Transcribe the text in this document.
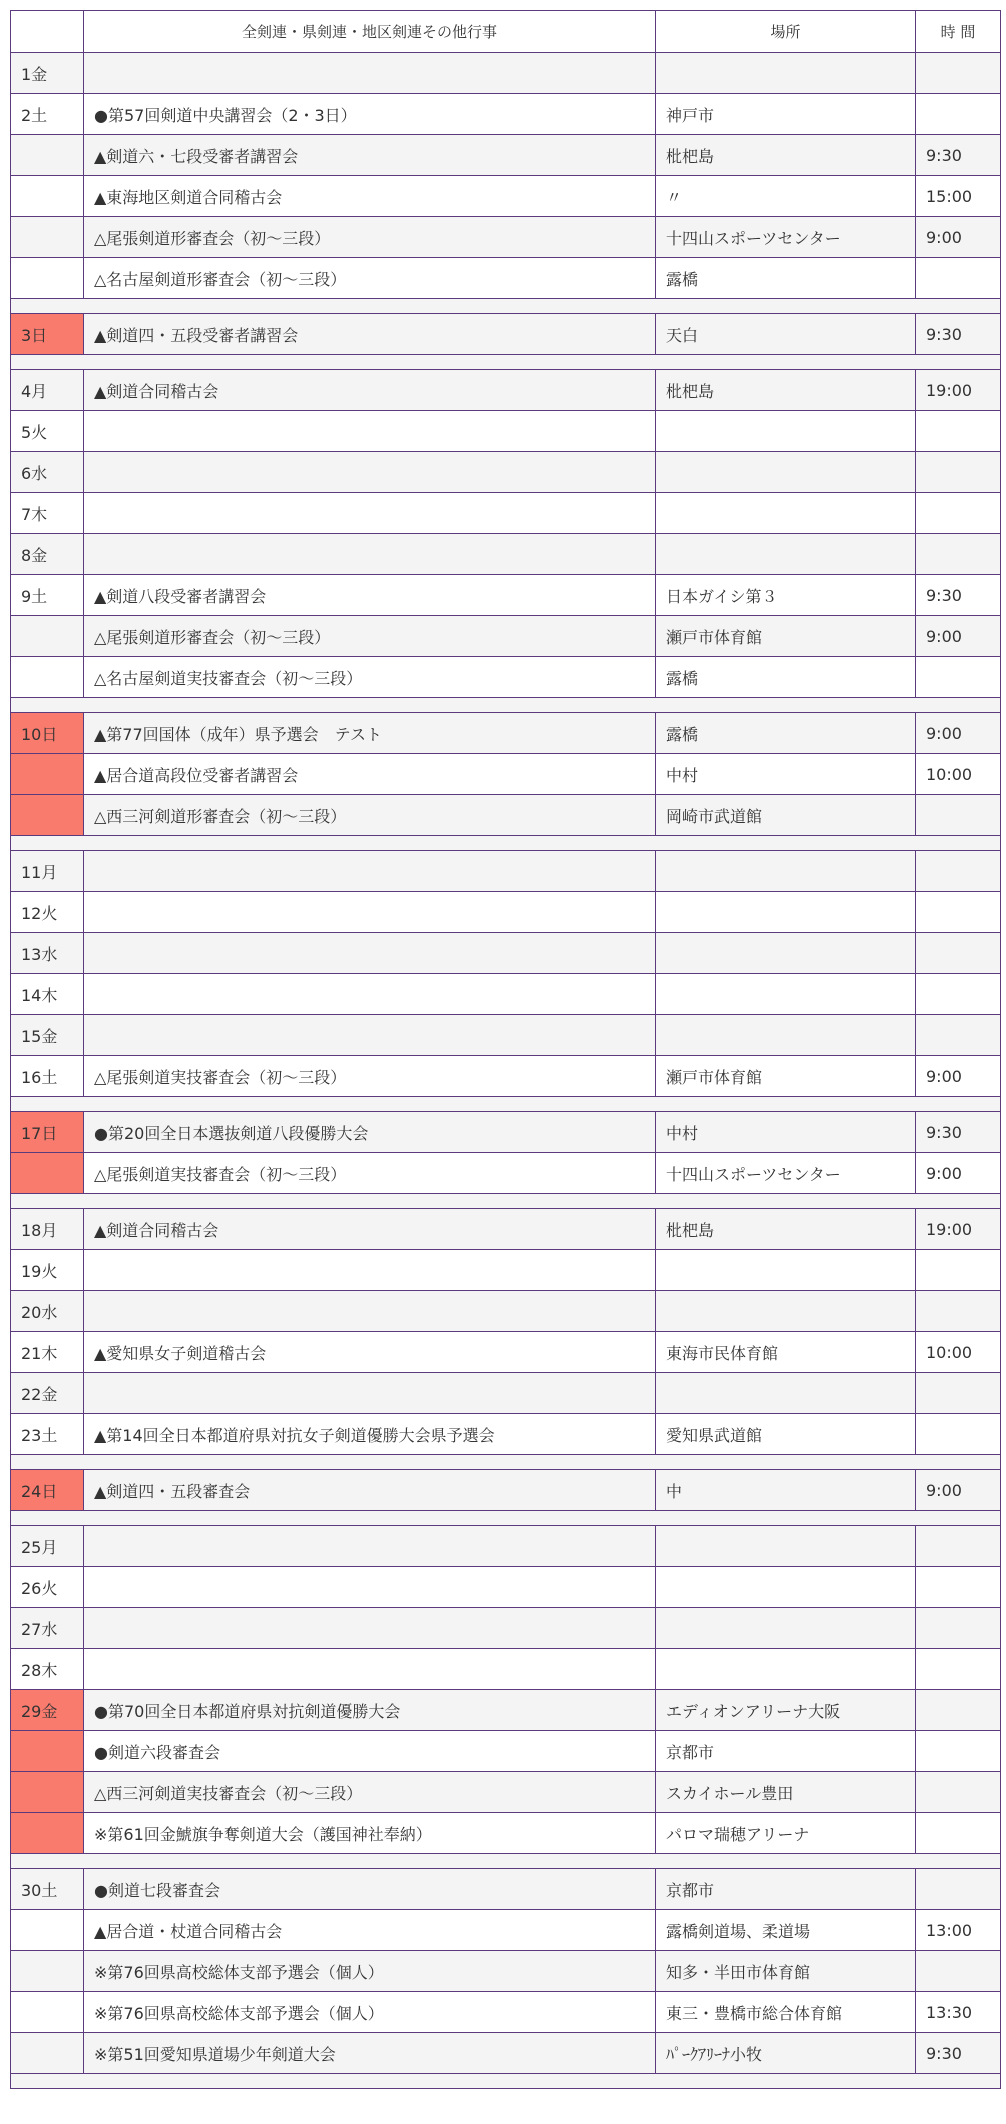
	全剣連・県剣連・地区剣連その他行事	場所	時 間
1金			
2土	●第57回剣道中央講習会（2・3日）	神戸市	
	▲剣道六・七段受審者講習会	枇杷島	9:30
	▲東海地区剣道合同稽古会	〃	15:00
	△尾張剣道形審査会（初〜三段）	十四山スポーツセンター	9:00
	△名古屋剣道形審査会（初〜三段）	露橋	

3日	▲剣道四・五段受審者講習会	天白	9:30

4月	▲剣道合同稽古会	枇杷島	19:00
5火			
6水			
7木			
8金			
9土	▲剣道八段受審者講習会	日本ガイシ第３	9:30
	△尾張剣道形審査会（初〜三段）	瀬戸市体育館	9:00
	△名古屋剣道実技審査会（初〜三段）	露橋	

10日	▲第77回国体（成年）県予選会　テスト	露橋	9:00
	▲居合道高段位受審者講習会	中村	10:00
	△西三河剣道形審査会（初〜三段）	岡崎市武道館	

11月			
12火			
13水			
14木			
15金			
16土	△尾張剣道実技審査会（初〜三段）	瀬戸市体育館	9:00

17日	●第20回全日本選抜剣道八段優勝大会	中村	9:30
	△尾張剣道実技審査会（初〜三段）	十四山スポーツセンター	9:00

18月	▲剣道合同稽古会	枇杷島	19:00
19火			
20水			
21木	▲愛知県女子剣道稽古会	東海市民体育館	10:00
22金			
23土	▲第14回全日本都道府県対抗女子剣道優勝大会県予選会	愛知県武道館	

24日	▲剣道四・五段審査会	中	9:00

25月			
26火			
27水			
28木			
29金	●第70回全日本都道府県対抗剣道優勝大会	エディオンアリーナ大阪	
	●剣道六段審査会	京都市	
	△西三河剣道実技審査会（初〜三段）	スカイホール豊田	
	※第61回金鯱旗争奪剣道大会（護国神社奉納）	パロマ瑞穂アリーナ	

30土	●剣道七段審査会	京都市	
	▲居合道・杖道合同稽古会	露橋剣道場、柔道場	13:00
	※第76回県高校総体支部予選会（個人）	知多・半田市体育館	
	※第76回県高校総体支部予選会（個人）	東三・豊橋市総合体育館	13:30
	※第51回愛知県道場少年剣道大会	ﾊﾟｰｸｱﾘｰﾅ小牧	9:30
